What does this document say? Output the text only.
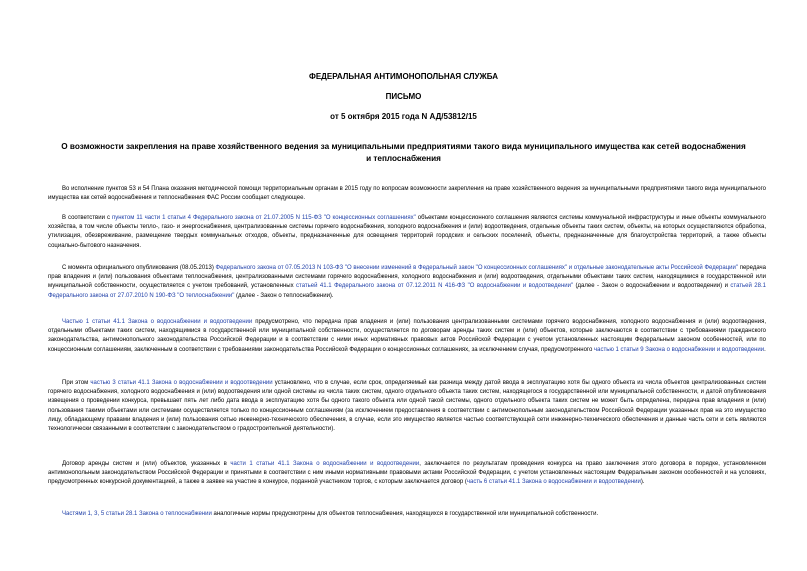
ФЕДЕРАЛЬНАЯ АНТИМОНОПОЛЬНАЯ СЛУЖБА
ПИСЬМО
от 5 октября 2015 года N АД/53812/15
О возможности закрепления на праве хозяйственного ведения за муниципальными предприятиями такого вида муниципального имущества как сетей водоснабжения и теплоснабжения

Во исполнение пунктов 53 и 54 Плана оказания методической помощи территориальным органам в 2015 году по вопросам возможности закрепления на праве хозяйственного ведения за муниципальными предприятиями такого вида муниципального имущества как сетей водоснабжения и теплоснабжения ФАС России сообщает следующее.

В соответствии с пунктом 11 части 1 статьи 4 Федерального закона от 21.07.2005 N 115-ФЗ "О концессионных соглашениях" объектами концессионного соглашения являются системы коммунальной инфраструктуры и иные объекты коммунального хозяйства, в том числе объекты тепло-, газо- и энергоснабжения, централизованные системы горячего водоснабжения, холодного водоснабжения и (или) водоотведения, отдельные объекты таких систем, объекты, на которых осуществляются обработка, утилизация, обезвреживание, размещение твердых коммунальных отходов, объекты, предназначенные для освещения территорий городских и сельских поселений, объекты, предназначенные для благоустройства территорий, а также объекты социально-бытового назначения.

С момента официального опубликования (08.05.2013) Федерального закона от 07.05.2013 N 103-ФЗ "О внесении изменений в Федеральный закон "О концессионных соглашениях" и отдельные законодательные акты Российской Федерации" передача прав владения и (или) пользования объектами теплоснабжения, централизованными системами горячего водоснабжения, холодного водоснабжения и (или) водоотведения, отдельными объектами таких систем, находящимися в государственной или муниципальной собственности, осуществляется с учетом требований, установленных статьей 41.1 Федерального закона от 07.12.2011 N 416-ФЗ "О водоснабжении и водоотведении" (далее - Закон о водоснабжении и водоотведении) и статьей 28.1 Федерального закона от 27.07.2010 N 190-ФЗ "О теплоснабжении" (далее - Закон о теплоснабжении).

Частью 1 статьи 41.1 Закона о водоснабжении и водоотведении предусмотрено, что передача прав владения и (или) пользования централизованными системами горячего водоснабжения, холодного водоснабжения и (или) водоотведения, отдельными объектами таких систем, находящимися в государственной или муниципальной собственности, осуществляется по договорам аренды таких систем и (или) объектов, которые заключаются в соответствии с требованиями гражданского законодательства, антимонопольного законодательства Российской Федерации и в соответствии с ними иных нормативных правовых актов Российской Федерации с учетом установленных настоящим Федеральным законом особенностей, или по концессионным соглашениям, заключенным в соответствии с требованиями законодательства Российской Федерации о концессионных соглашениях, за исключением случая, предусмотренного частью 1 статьи 9 Закона о водоснабжении и водоотведении.

При этом частью 3 статьи 41.1 Закона о водоснабжении и водоотведении установлено, что в случае, если срок, определяемый как разница между датой ввода в эксплуатацию хотя бы одного объекта из числа объектов централизованных систем горячего водоснабжения, холодного водоснабжения и (или) водоотведения или одной системы из числа таких систем, одного отдельного объекта таких систем, находящегося в государственной или муниципальной собственности, и датой опубликования извещения о проведении конкурса, превышает пять лет либо дата ввода в эксплуатацию хотя бы одного такого объекта или одной такой системы, одного отдельного объекта таких систем не может быть определена, передача прав владения и (или) пользования такими объектами или системами осуществляется только по концессионным соглашениям (за исключением предоставления в соответствии с антимонопольным законодательством Российской Федерации указанных прав на это имущество лицу, обладающему правами владения и (или) пользования сетью инженерно-технического обеспечения, в случае, если это имущество является частью соответствующей сети инженерно-технического обеспечения и данные часть сети и сеть являются технологически связанными в соответствии с законодательством о градостроительной деятельности).

Договор аренды систем и (или) объектов, указанных в части 1 статьи 41.1 Закона о водоснабжении и водоотведении, заключается по результатам проведения конкурса на право заключения этого договора в порядке, установленном антимонопольным законодательством Российской Федерации и принятыми в соответствии с ним иными нормативными правовыми актами Российской Федерации, с учетом установленных настоящим Федеральным законом особенностей и на условиях, предусмотренных конкурсной документацией, а также в заявке на участие в конкурсе, поданной участником торгов, с которым заключается договор (часть 6 статьи 41.1 Закона о водоснабжении и водоотведении).

Частями 1, 3, 5 статьи 28.1 Закона о теплоснабжении аналогичные нормы предусмотрены для объектов теплоснабжения, находящихся в государственной или муниципальной собственности.
